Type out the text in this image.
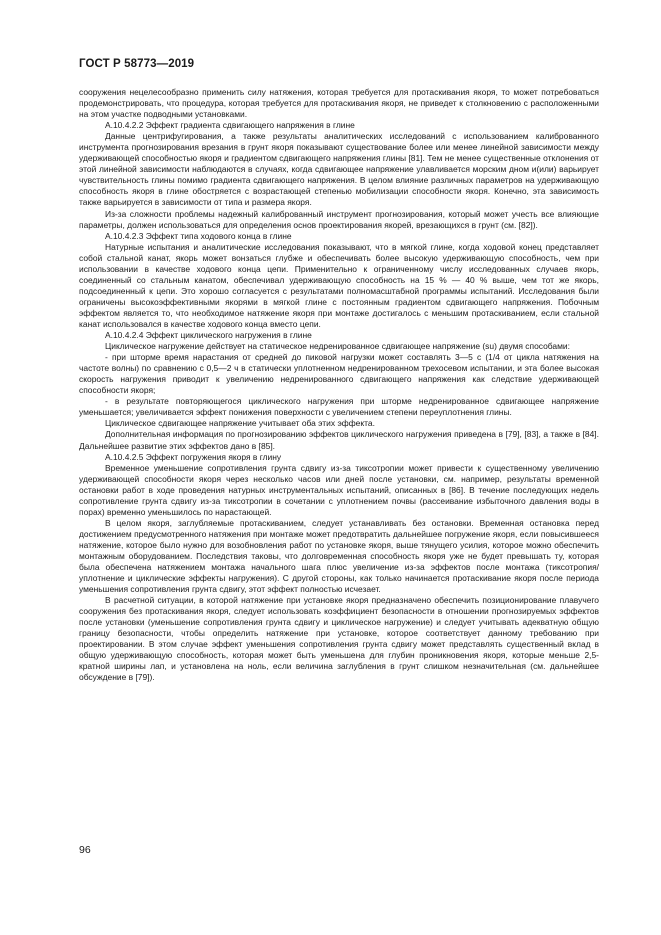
ГОСТ Р 58773—2019

сооружения нецелесообразно применить силу натяжения, которая требуется для протаскивания якоря, то может потребоваться продемонстрировать, что процедура, которая требуется для протаскивания якоря, не приведет к столкновению с расположенными на этом участке подводными установками.

А.10.4.2.2 Эффект градиента сдвигающего напряжения в глине

Данные центрифугирования, а также результаты аналитических исследований с использованием калиброванного инструмента прогнозирования врезания в грунт якоря показывают существование более или менее линейной зависимости между удерживающей способностью якоря и градиентом сдвигающего напряжения глины [81]. Тем не менее существенные отклонения от этой линейной зависимости наблюдаются в случаях, когда сдвигающее напряжение улавливается морским дном и(или) варьирует чувствительность глины помимо градиента сдвигающего напряжения. В целом влияние различных параметров на удерживающую способность якоря в глине обостряется с возрастающей степенью мобилизации способности якоря. Конечно, эта зависимость также варьируется в зависимости от типа и размера якоря.

Из-за сложности проблемы надежный калиброванный инструмент прогнозирования, который может учесть все влияющие параметры, должен использоваться для определения основ проектирования якорей, врезающихся в грунт (см. [82]).

А.10.4.2.3 Эффект типа ходового конца в глине

Натурные испытания и аналитические исследования показывают, что в мягкой глине, когда ходовой конец представляет собой стальной канат, якорь может вонзаться глубже и обеспечивать более высокую удерживающую способность, чем при использовании в качестве ходового конца цепи. Применительно к ограниченному числу исследованных случаев якорь, соединенный со стальным канатом, обеспечивал удерживающую способность на 15 % — 40 % выше, чем тот же якорь, подсоединенный к цепи. Это хорошо согласуется с результатами полномасштабной программы испытаний. Исследования были ограничены высокоэффективными якорями в мягкой глине с постоянным градиентом сдвигающего напряжения. Побочным эффектом является то, что необходимое натяжение якоря при монтаже достигалось с меньшим протаскиванием, если стальной канат использовался в качестве ходового конца вместо цепи.

А.10.4.2.4 Эффект циклического нагружения в глине

Циклическое нагружение действует на статическое недренированное сдвигающее напряжение (su) двумя способами:

- при шторме время нарастания от средней до пиковой нагрузки может составлять 3—5 с (1/4 от цикла натяжения на частоте волны) по сравнению с 0,5—2 ч в статически уплотненном недренированном трехосевом испытании, и эта более высокая скорость нагружения приводит к увеличению недренированного сдвигающего напряжения как следствие удерживающей способности якоря;

- в результате повторяющегося циклического нагружения при шторме недренированное сдвигающее напряжение уменьшается; увеличивается эффект понижения поверхности с увеличением степени переуплотнения глины.

Циклическое сдвигающее напряжение учитывает оба этих эффекта.

Дополнительная информация по прогнозированию эффектов циклического нагружения приведена в [79], [83], а также в [84]. Дальнейшее развитие этих эффектов дано в [85].

А.10.4.2.5 Эффект погружения якоря в глину

Временное уменьшение сопротивления грунта сдвигу из-за тиксотропии может привести к существенному увеличению удерживающей способности якоря через несколько часов или дней после установки, см. например, результаты временной остановки работ в ходе проведения натурных инструментальных испытаний, описанных в [86]. В течение последующих недель сопротивление грунта сдвигу из-за тиксотропии в сочетании с уплотнением почвы (рассеивание избыточного давления воды в порах) временно уменьшилось по нарастающей.

В целом якоря, заглубляемые протаскиванием, следует устанавливать без остановки. Временная остановка перед достижением предусмотренного натяжения при монтаже может предотвратить дальнейшее погружение якоря, если повысившееся натяжение, которое было нужно для возобновления работ по установке якоря, выше тянущего усилия, которое можно обеспечить монтажным оборудованием. Последствия таковы, что долговременная способность якоря уже не будет превышать ту, которая была обеспечена натяжением монтажа начального шага плюс увеличение из-за эффектов после монтажа (тиксотропия/уплотнение и циклические эффекты нагружения). С другой стороны, как только начинается протаскивание якоря после периода уменьшения сопротивления грунта сдвигу, этот эффект полностью исчезает.

В расчетной ситуации, в которой натяжение при установке якоря предназначено обеспечить позиционирование плавучего сооружения без протаскивания якоря, следует использовать коэффициент безопасности в отношении прогнозируемых эффектов после установки (уменьшение сопротивления грунта сдвигу и циклическое нагружение) и следует учитывать адекватную общую границу безопасности, чтобы определить натяжение при установке, которое соответствует данному требованию при проектировании. В этом случае эффект уменьшения сопротивления грунта сдвигу может представлять существенный вклад в общую удерживающую способность, которая может быть уменьшена для глубин проникновения якоря, которые меньше 2,5-кратной ширины лап, и установлена на ноль, если величина заглубления в грунт слишком незначительная (см. дальнейшее обсуждение в [79]).

96
